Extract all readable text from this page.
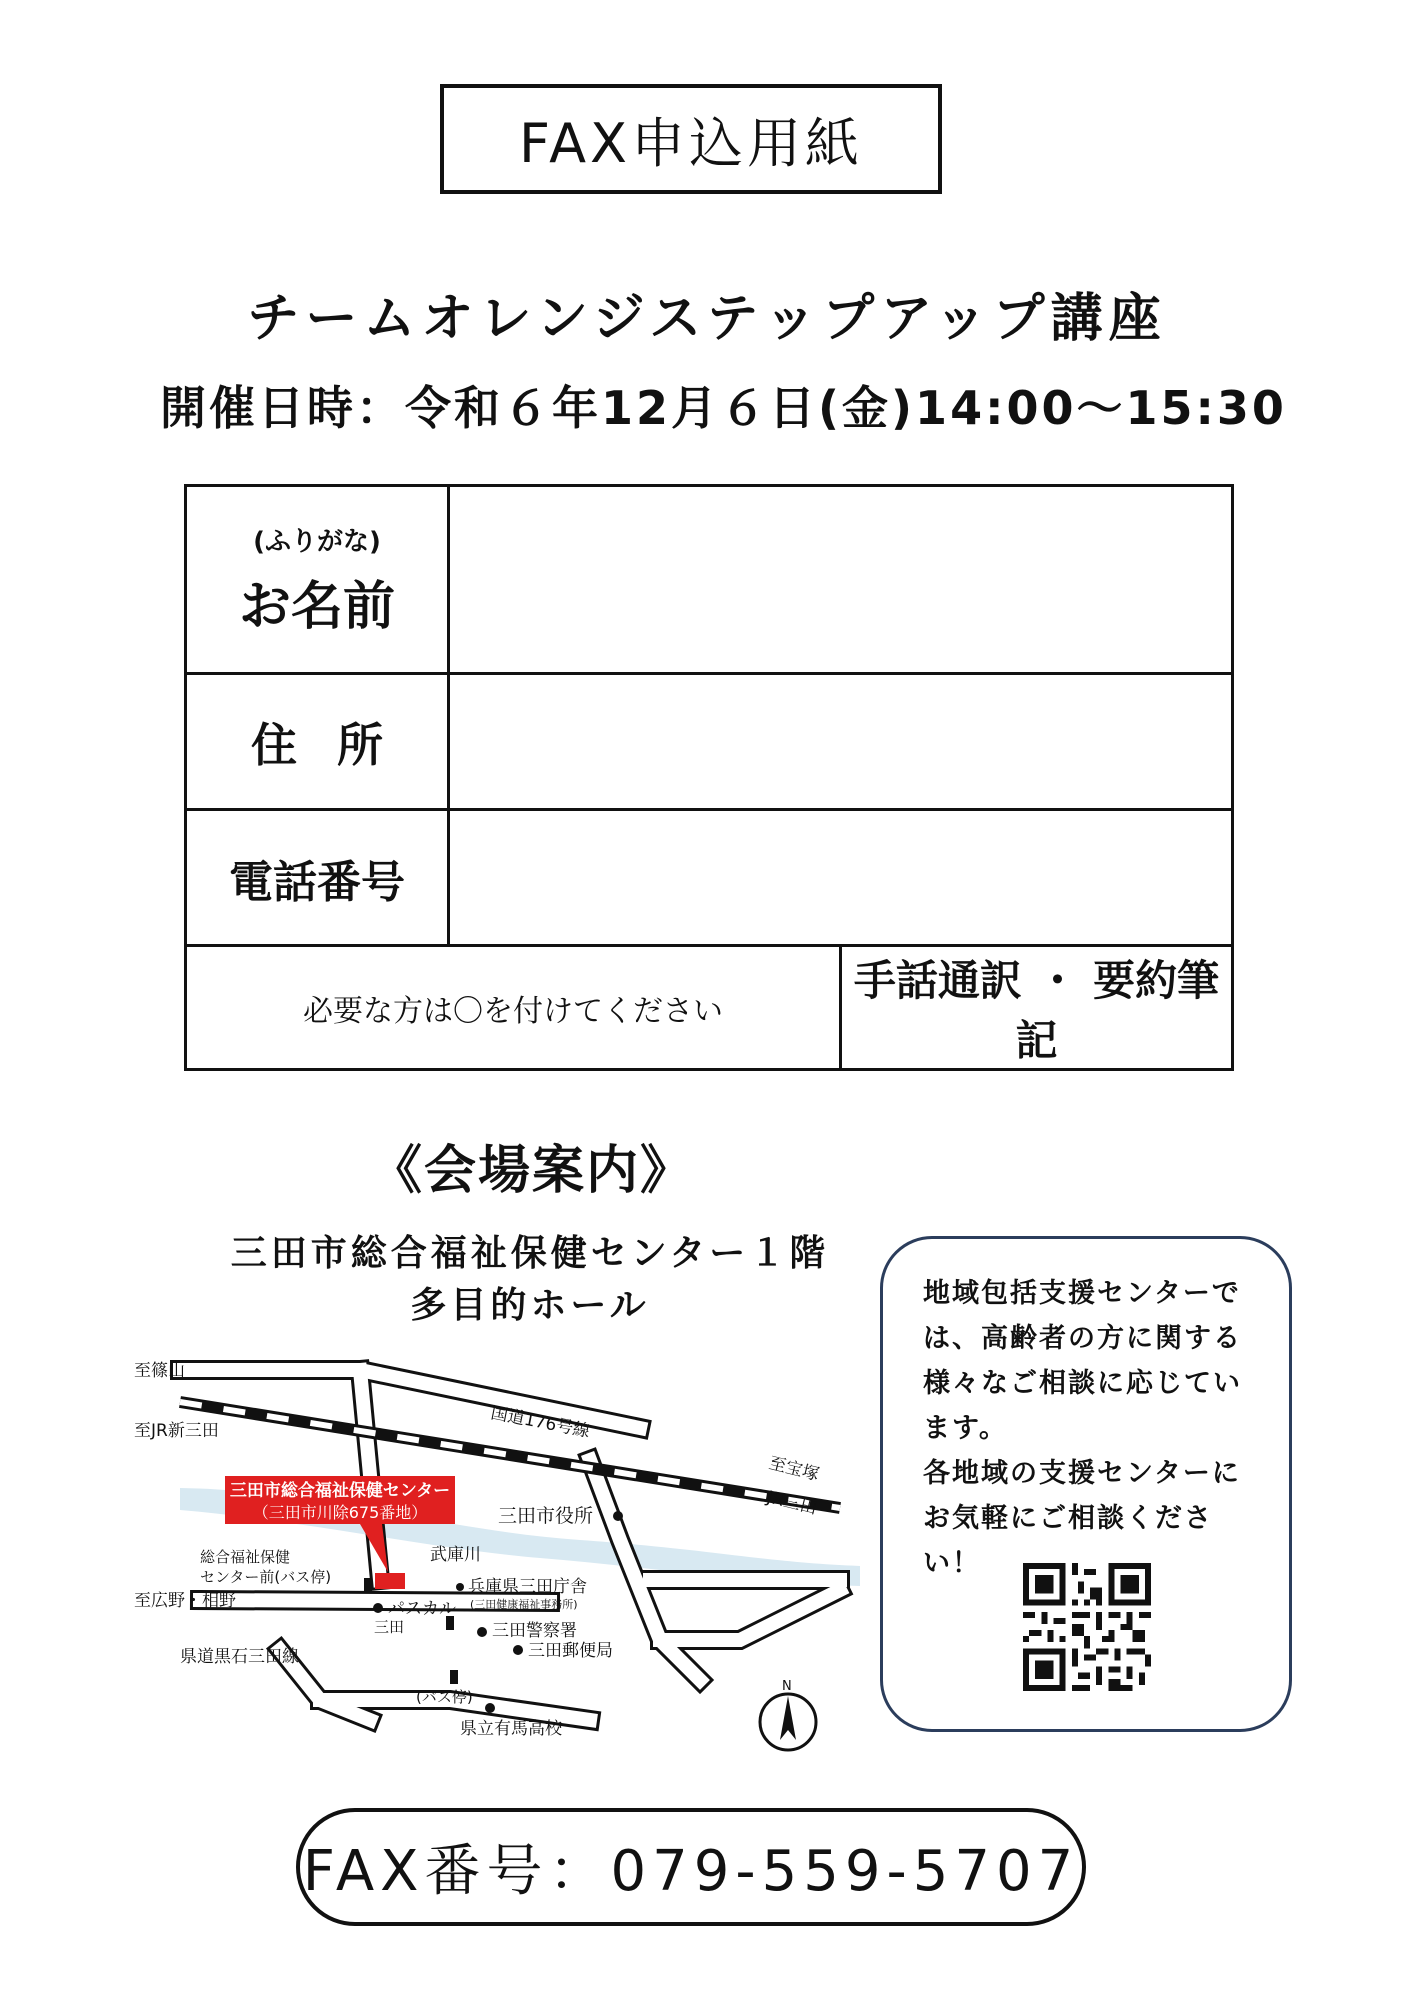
FAX申込用紙
チームオレンジステップアップ講座
開催日時：令和６年12月６日(金)14:00～15:30
(ふりがな)
お名前		

住所		
電話番号		
必要な方は〇を付けてください		手話通訳 ・ 要約筆記
《会場案内》
三田市総合福祉保健センター１階
多目的ホール
三田市総合福祉保健センター
（三田市川除675番地）
至篠山
至JR新三田	国道176号線
至宝塚
JR三田
三田市役所
総合福祉保健
センター前(バス停)
武庫川
兵庫県三田庁舎
(三田健康福祉事務所)
至広野・相野	パスカル
三田	三田警察署
三田郵便局
県道黒石三田線
(バス停)
県立有馬高校
N
地域包括支援センターでは、高齢者の方に関する様々なご相談に応じています。
各地域の支援センターにお気軽にご相談ください！
FAX番号：079-559-5707
